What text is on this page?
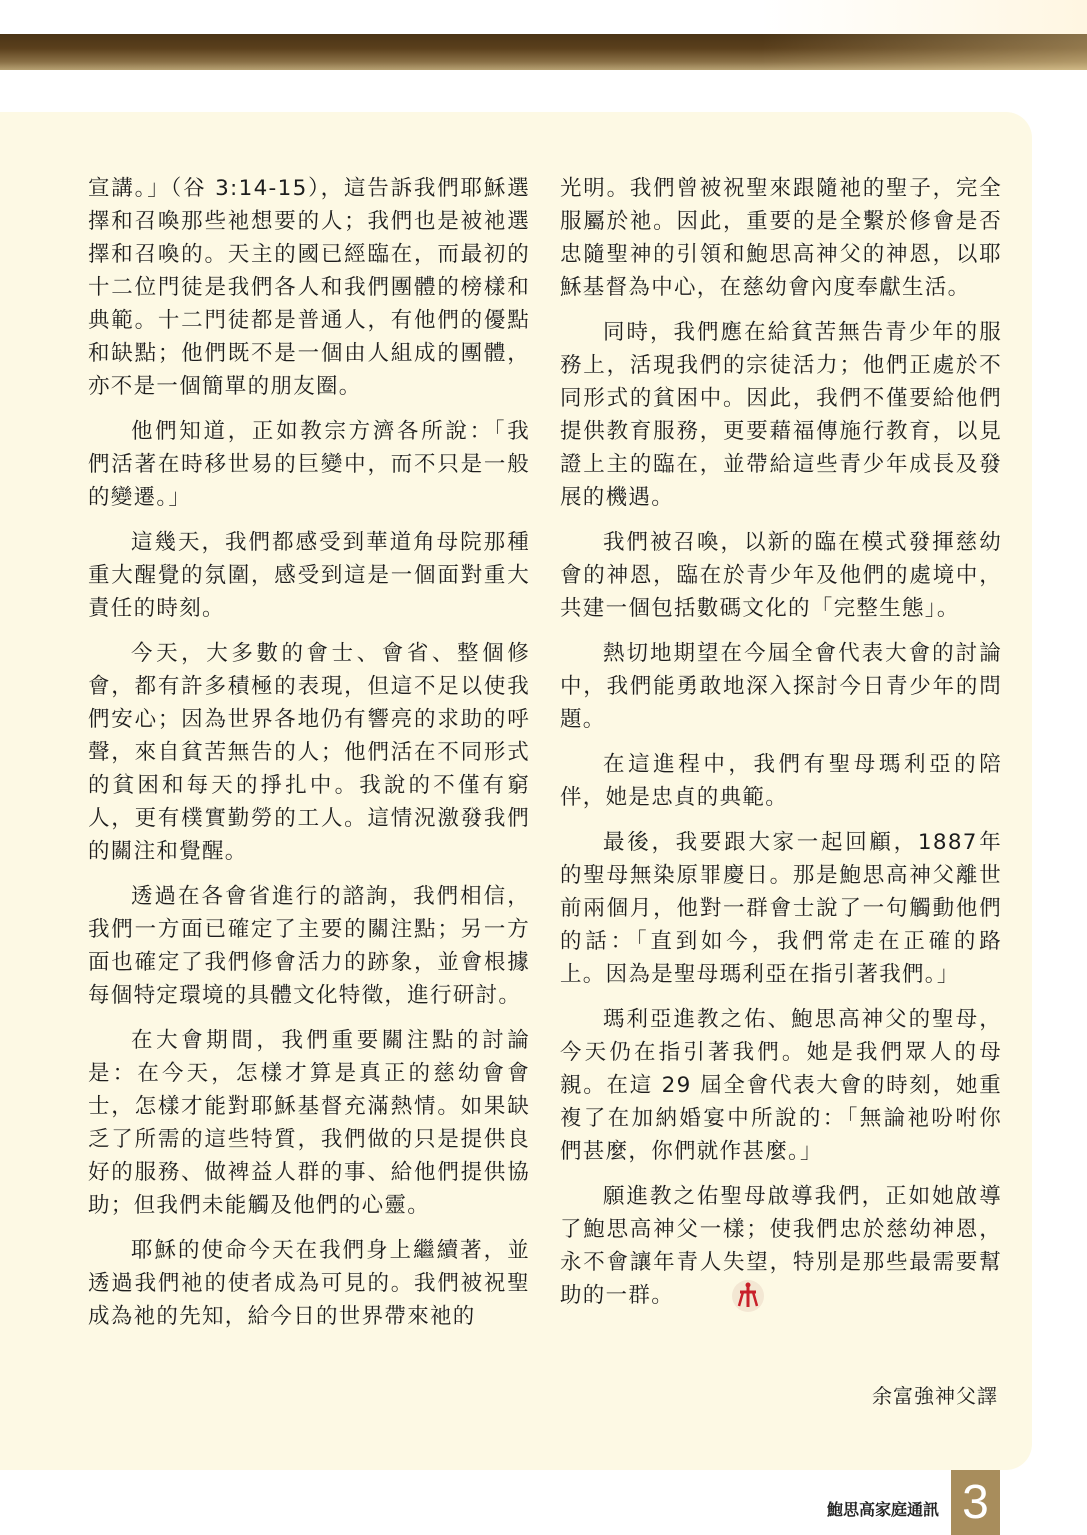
宣講。」（谷 3:14-15），這告訴我們耶穌選擇和召喚那些祂想要的人；我們也是被祂選擇和召喚的。天主的國已經臨在，而最初的十二位門徒是我們各人和我們團體的榜樣和典範。十二門徒都是普通人，有他們的優點和缺點；他們既不是一個由人組成的團體，亦不是一個簡單的朋友圈。

他們知道，正如教宗方濟各所說：「我們活著在時移世易的巨變中，而不只是一般的變遷。」

這幾天，我們都感受到華道角母院那種重大醒覺的氛圍，感受到這是一個面對重大責任的時刻。

今天，大多數的會士、會省、整個修會，都有許多積極的表現，但這不足以使我們安心；因為世界各地仍有響亮的求助的呼聲，來自貧苦無告的人；他們活在不同形式的貧困和每天的掙扎中。我說的不僅有窮人，更有樸實勤勞的工人。這情況激發我們的關注和覺醒。

透過在各會省進行的諮詢，我們相信，我們一方面已確定了主要的關注點；另一方面也確定了我們修會活力的跡象，並會根據每個特定環境的具體文化特徵，進行研討。

在大會期間，我們重要關注點的討論是：在今天，怎樣才算是真正的慈幼會會士，怎樣才能對耶穌基督充滿熱情。如果缺乏了所需的這些特質，我們做的只是提供良好的服務、做裨益人群的事、給他們提供協助；但我們未能觸及他們的心靈。

耶穌的使命今天在我們身上繼續著，並透過我們祂的使者成為可見的。我們被祝聖成為祂的先知，給今日的世界帶來祂的

光明。我們曾被祝聖來跟隨祂的聖子，完全服屬於祂。因此，重要的是全繫於修會是否忠隨聖神的引領和鮑思高神父的神恩，以耶穌基督為中心，在慈幼會內度奉獻生活。

同時，我們應在給貧苦無告青少年的服務上，活現我們的宗徒活力；他們正處於不同形式的貧困中。因此，我們不僅要給他們提供教育服務，更要藉福傳施行教育，以見證上主的臨在，並帶給這些青少年成長及發展的機遇。

我們被召喚，以新的臨在模式發揮慈幼會的神恩，臨在於青少年及他們的處境中，共建一個包括數碼文化的「完整生態」。

熱切地期望在今屆全會代表大會的討論中，我們能勇敢地深入探討今日青少年的問題。

在這進程中，我們有聖母瑪利亞的陪伴，她是忠貞的典範。

最後，我要跟大家一起回顧，1887年的聖母無染原罪慶日。那是鮑思高神父離世前兩個月，他對一群會士說了一句觸動他們的話：「直到如今，我們常走在正確的路上。因為是聖母瑪利亞在指引著我們。」

瑪利亞進教之佑、鮑思高神父的聖母，今天仍在指引著我們。她是我們眾人的母親。在這 29 屆全會代表大會的時刻，她重複了在加納婚宴中所說的：「無論祂吩咐你們甚麼，你們就作甚麼。」

願進教之佑聖母啟導我們，正如她啟導了鮑思高神父一樣；使我們忠於慈幼神恩，永不會讓年青人失望，特別是那些最需要幫助的一群。

余富強神父譯
鮑思高家庭通訊 3
